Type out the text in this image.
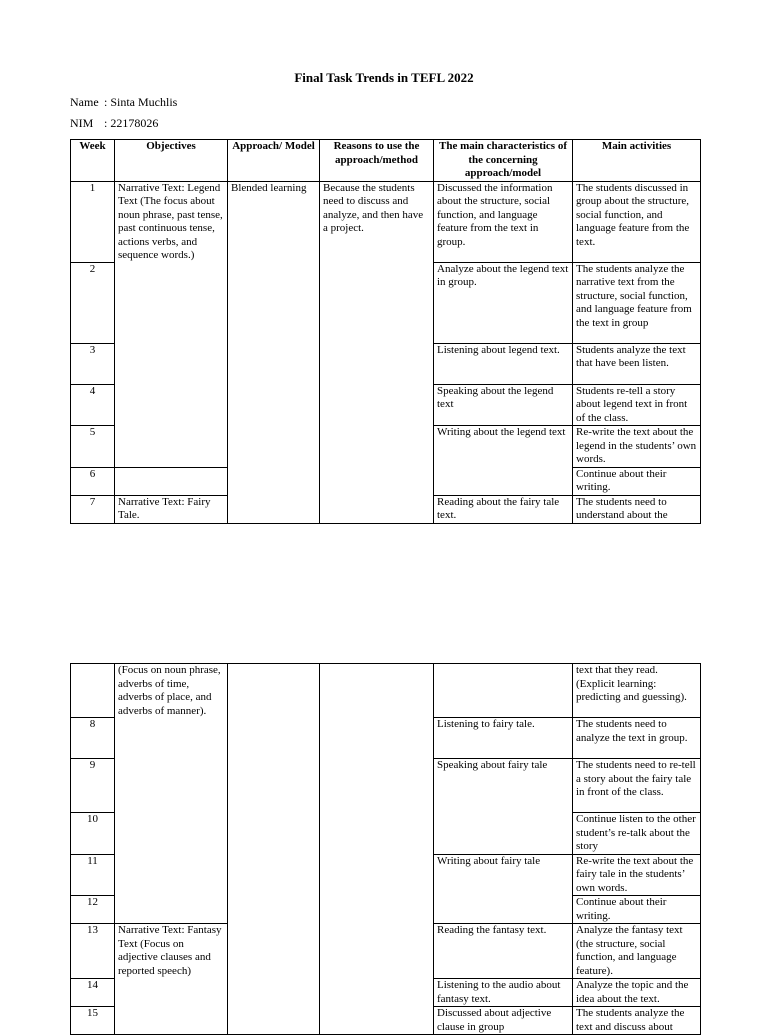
Final Task Trends in TEFL 2022
Name : Sinta Muchlis
NIM : 22178026
Week	Objectives	Approach/ Model	Reasons to use the approach/method	The main characteristics of the concerning approach/model	Main activities
1	Narrative Text: Legend Text (The focus about noun phrase, past tense, past continuous tense, actions verbs, and sequence words.)	Blended learning	Because the students need to discuss and analyze, and then have a project.	Discussed the information about the structure, social function, and language feature from the text in group.	The students discussed in group about the structure, social function, and language feature from the text.
2				Analyze about the legend text in group.	The students analyze the narrative text from the structure, social function, and language feature from the text in group
3				Listening about legend text.	Students analyze the text that have been listen.
4				Speaking about the legend text	Students re-tell a story about legend text in front of the class.
5				Writing about the legend text	Re-write the text about the legend in the students’ own words.
6					Continue about their writing.
7	Narrative Text: Fairy Tale.			Reading about the fairy tale text.	The students need to understand about the

	(Focus on noun phrase, adverbs of time, adverbs of place, and adverbs of manner).				text that they read. (Explicit learning: predicting and guessing).
8				Listening to fairy tale.	The students need to analyze the text in group.
9				Speaking about fairy tale	The students need to re-tell a story about the fairy tale in front of the class.
10					Continue listen to the other student’s re-talk about the story
11				Writing about fairy tale	Re-write the text about the fairy tale in the students’ own words.
12					Continue about their writing.
13	Narrative Text: Fantasy Text (Focus on adjective clauses and reported speech)			Reading the fantasy text.	Analyze the fantasy text (the structure, social function, and language feature).
14				Listening to the audio about fantasy text.	Analyze the topic and the idea about the text.
15				Discussed about adjective clause in group	The students analyze the text and discuss about
